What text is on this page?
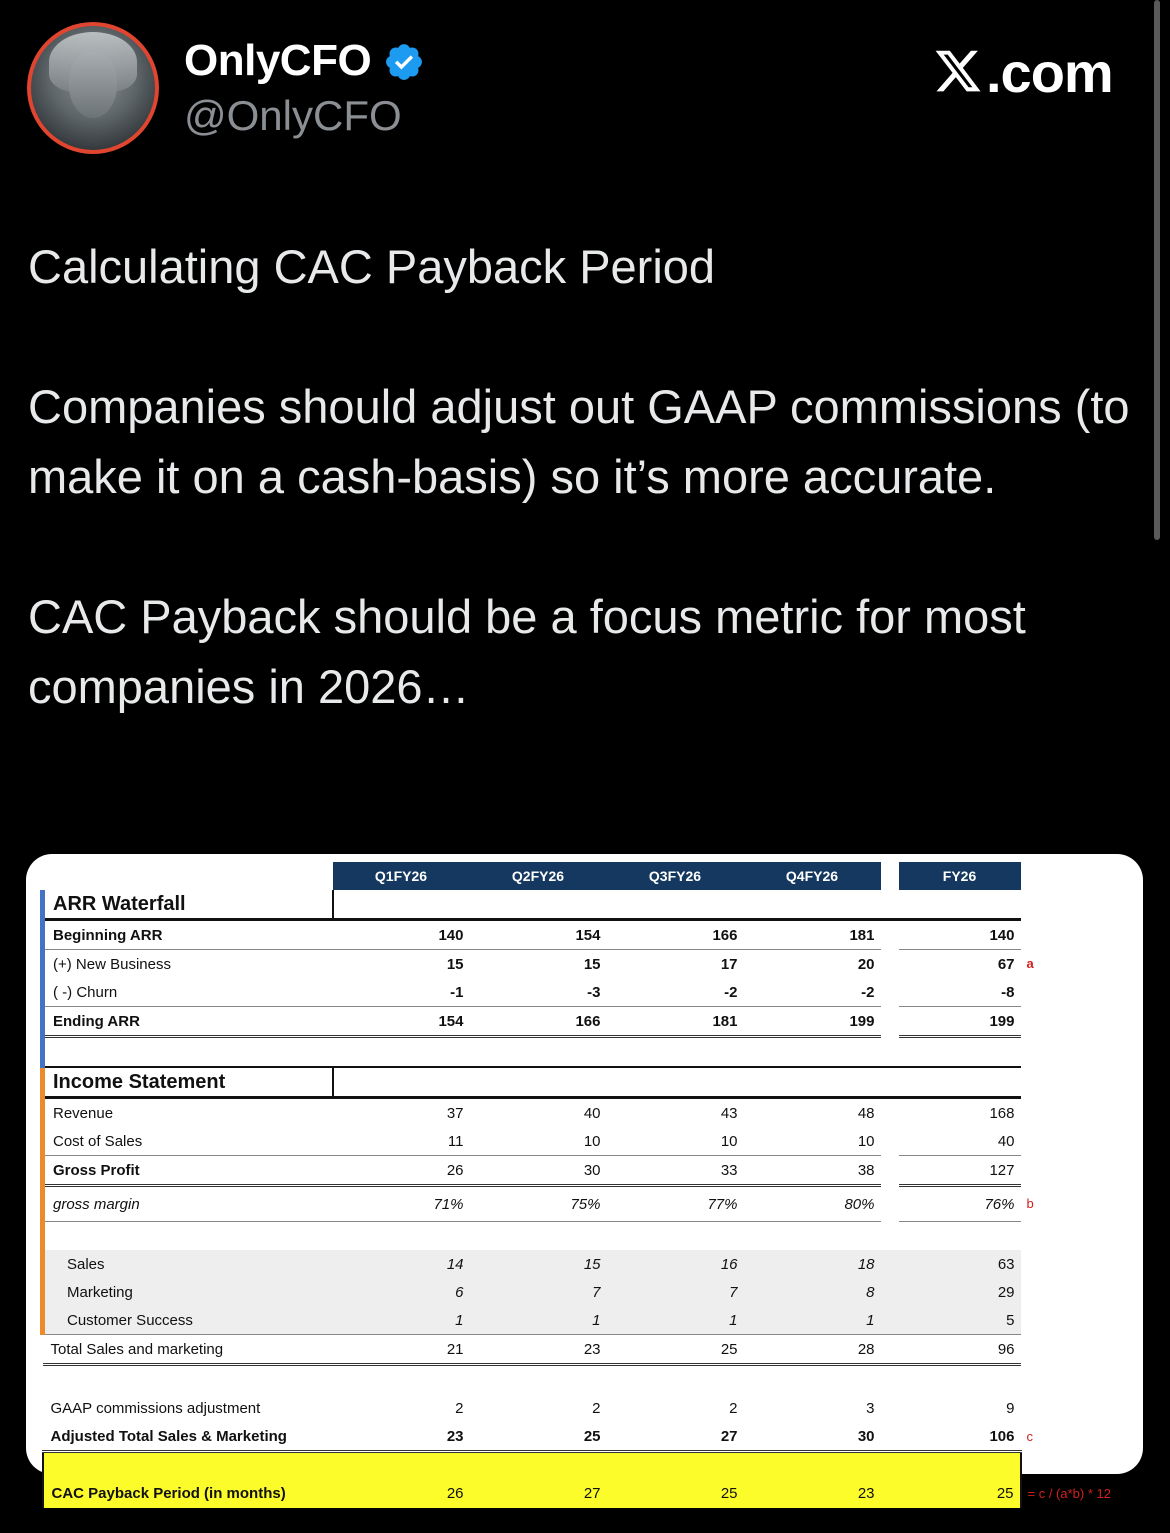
OnlyCFO
@OnlyCFO
.com

Calculating CAC Payback Period

Companies should adjust out GAAP commissions (to make it on a cash-basis) so it’s more accurate.

CAC Payback should be a focus metric for most companies in 2026…

	Q1FY26	Q2FY26	Q3FY26	Q4FY26		FY26	
ARR Waterfall							
Beginning ARR	140	154	166	181		140	
(+) New Business	15	15	17	20		67	a
( -) Churn	-1	-3	-2	-2		-8	
Ending ARR	154	166	181	199		199	

Income Statement							
Revenue	37	40	43	48		168	
Cost of Sales	11	10	10	10		40	
Gross Profit	26	30	33	38		127	
gross margin	71%	75%	77%	80%		76%	b

Sales	14	15	16	18		63	
Marketing	6	7	7	8		29	
Customer Success	1	1	1	1		5	
Total Sales and marketing	21	23	25	28		96	

GAAP commissions adjustment	2	2	2	3		9	
Adjusted Total Sales & Marketing	23	25	27	30		106	c

CAC Payback Period (in months)	26	27	25	23		25	= c / (a*b) * 12
